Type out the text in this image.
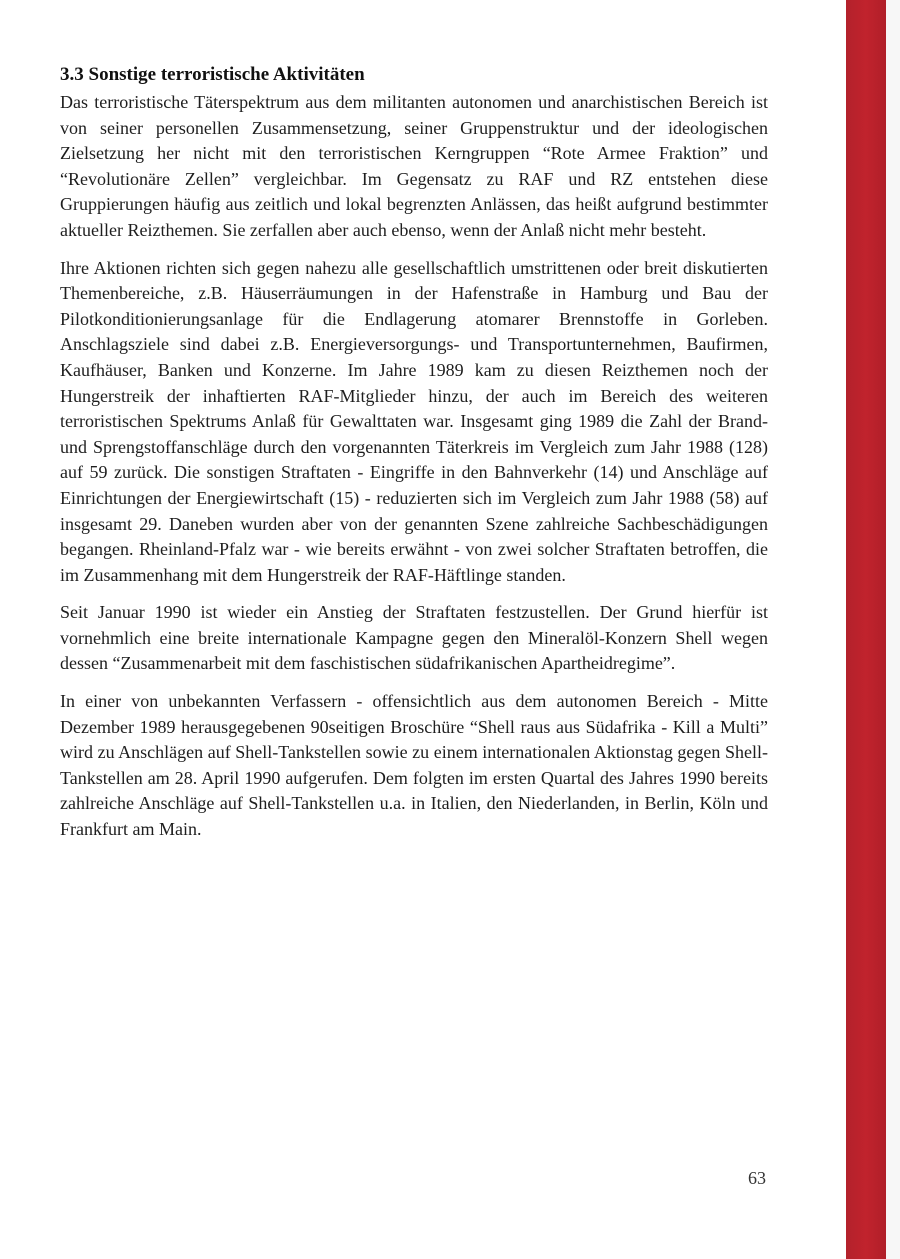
3.3 Sonstige terroristische Aktivitäten

Das terroristische Täterspektrum aus dem militanten autonomen und anarchistischen Bereich ist von seiner personellen Zusammensetzung, seiner Gruppenstruktur und der ideologischen Zielsetzung her nicht mit den terroristischen Kerngruppen “Rote Armee Fraktion” und “Revolutionäre Zellen” vergleichbar. Im Gegensatz zu RAF und RZ entstehen diese Gruppierungen häufig aus zeitlich und lokal begrenzten Anlässen, das heißt aufgrund bestimmter aktueller Reizthemen. Sie zerfallen aber auch ebenso, wenn der Anlaß nicht mehr besteht.

Ihre Aktionen richten sich gegen nahezu alle gesellschaftlich umstrittenen oder breit diskutierten Themenbereiche, z.B. Häuserräumungen in der Hafenstraße in Hamburg und Bau der Pilotkonditionierungsanlage für die Endlagerung atomarer Brennstoffe in Gorleben. Anschlagsziele sind dabei z.B. Energieversorgungs- und Transportunternehmen, Baufirmen, Kaufhäuser, Banken und Konzerne. Im Jahre 1989 kam zu diesen Reizthemen noch der Hungerstreik der inhaftierten RAF-Mitglieder hinzu, der auch im Bereich des weiteren terroristischen Spektrums Anlaß für Gewalttaten war. Insgesamt ging 1989 die Zahl der Brand- und Sprengstoffanschläge durch den vorgenannten Täterkreis im Vergleich zum Jahr 1988 (128) auf 59 zurück. Die sonstigen Straftaten - Eingriffe in den Bahnverkehr (14) und Anschläge auf Einrichtungen der Energiewirtschaft (15) - reduzierten sich im Vergleich zum Jahr 1988 (58) auf insgesamt 29. Daneben wurden aber von der genannten Szene zahlreiche Sachbeschädigungen begangen. Rheinland-Pfalz war - wie bereits erwähnt - von zwei solcher Straftaten betroffen, die im Zusammenhang mit dem Hungerstreik der RAF-Häftlinge standen.

Seit Januar 1990 ist wieder ein Anstieg der Straftaten festzustellen. Der Grund hierfür ist vornehmlich eine breite internationale Kampagne gegen den Mineralöl-Konzern Shell wegen dessen “Zusammenarbeit mit dem faschistischen südafrikanischen Apartheidregime”.

In einer von unbekannten Verfassern - offensichtlich aus dem autonomen Bereich - Mitte Dezember 1989 herausgegebenen 90seitigen Broschüre “Shell raus aus Südafrika - Kill a Multi” wird zu Anschlägen auf Shell-Tankstellen sowie zu einem internationalen Aktionstag gegen Shell-Tankstellen am 28. April 1990 aufgerufen. Dem folgten im ersten Quartal des Jahres 1990 bereits zahlreiche Anschläge auf Shell-Tankstellen u.a. in Italien, den Niederlanden, in Berlin, Köln und Frankfurt am Main.

63
